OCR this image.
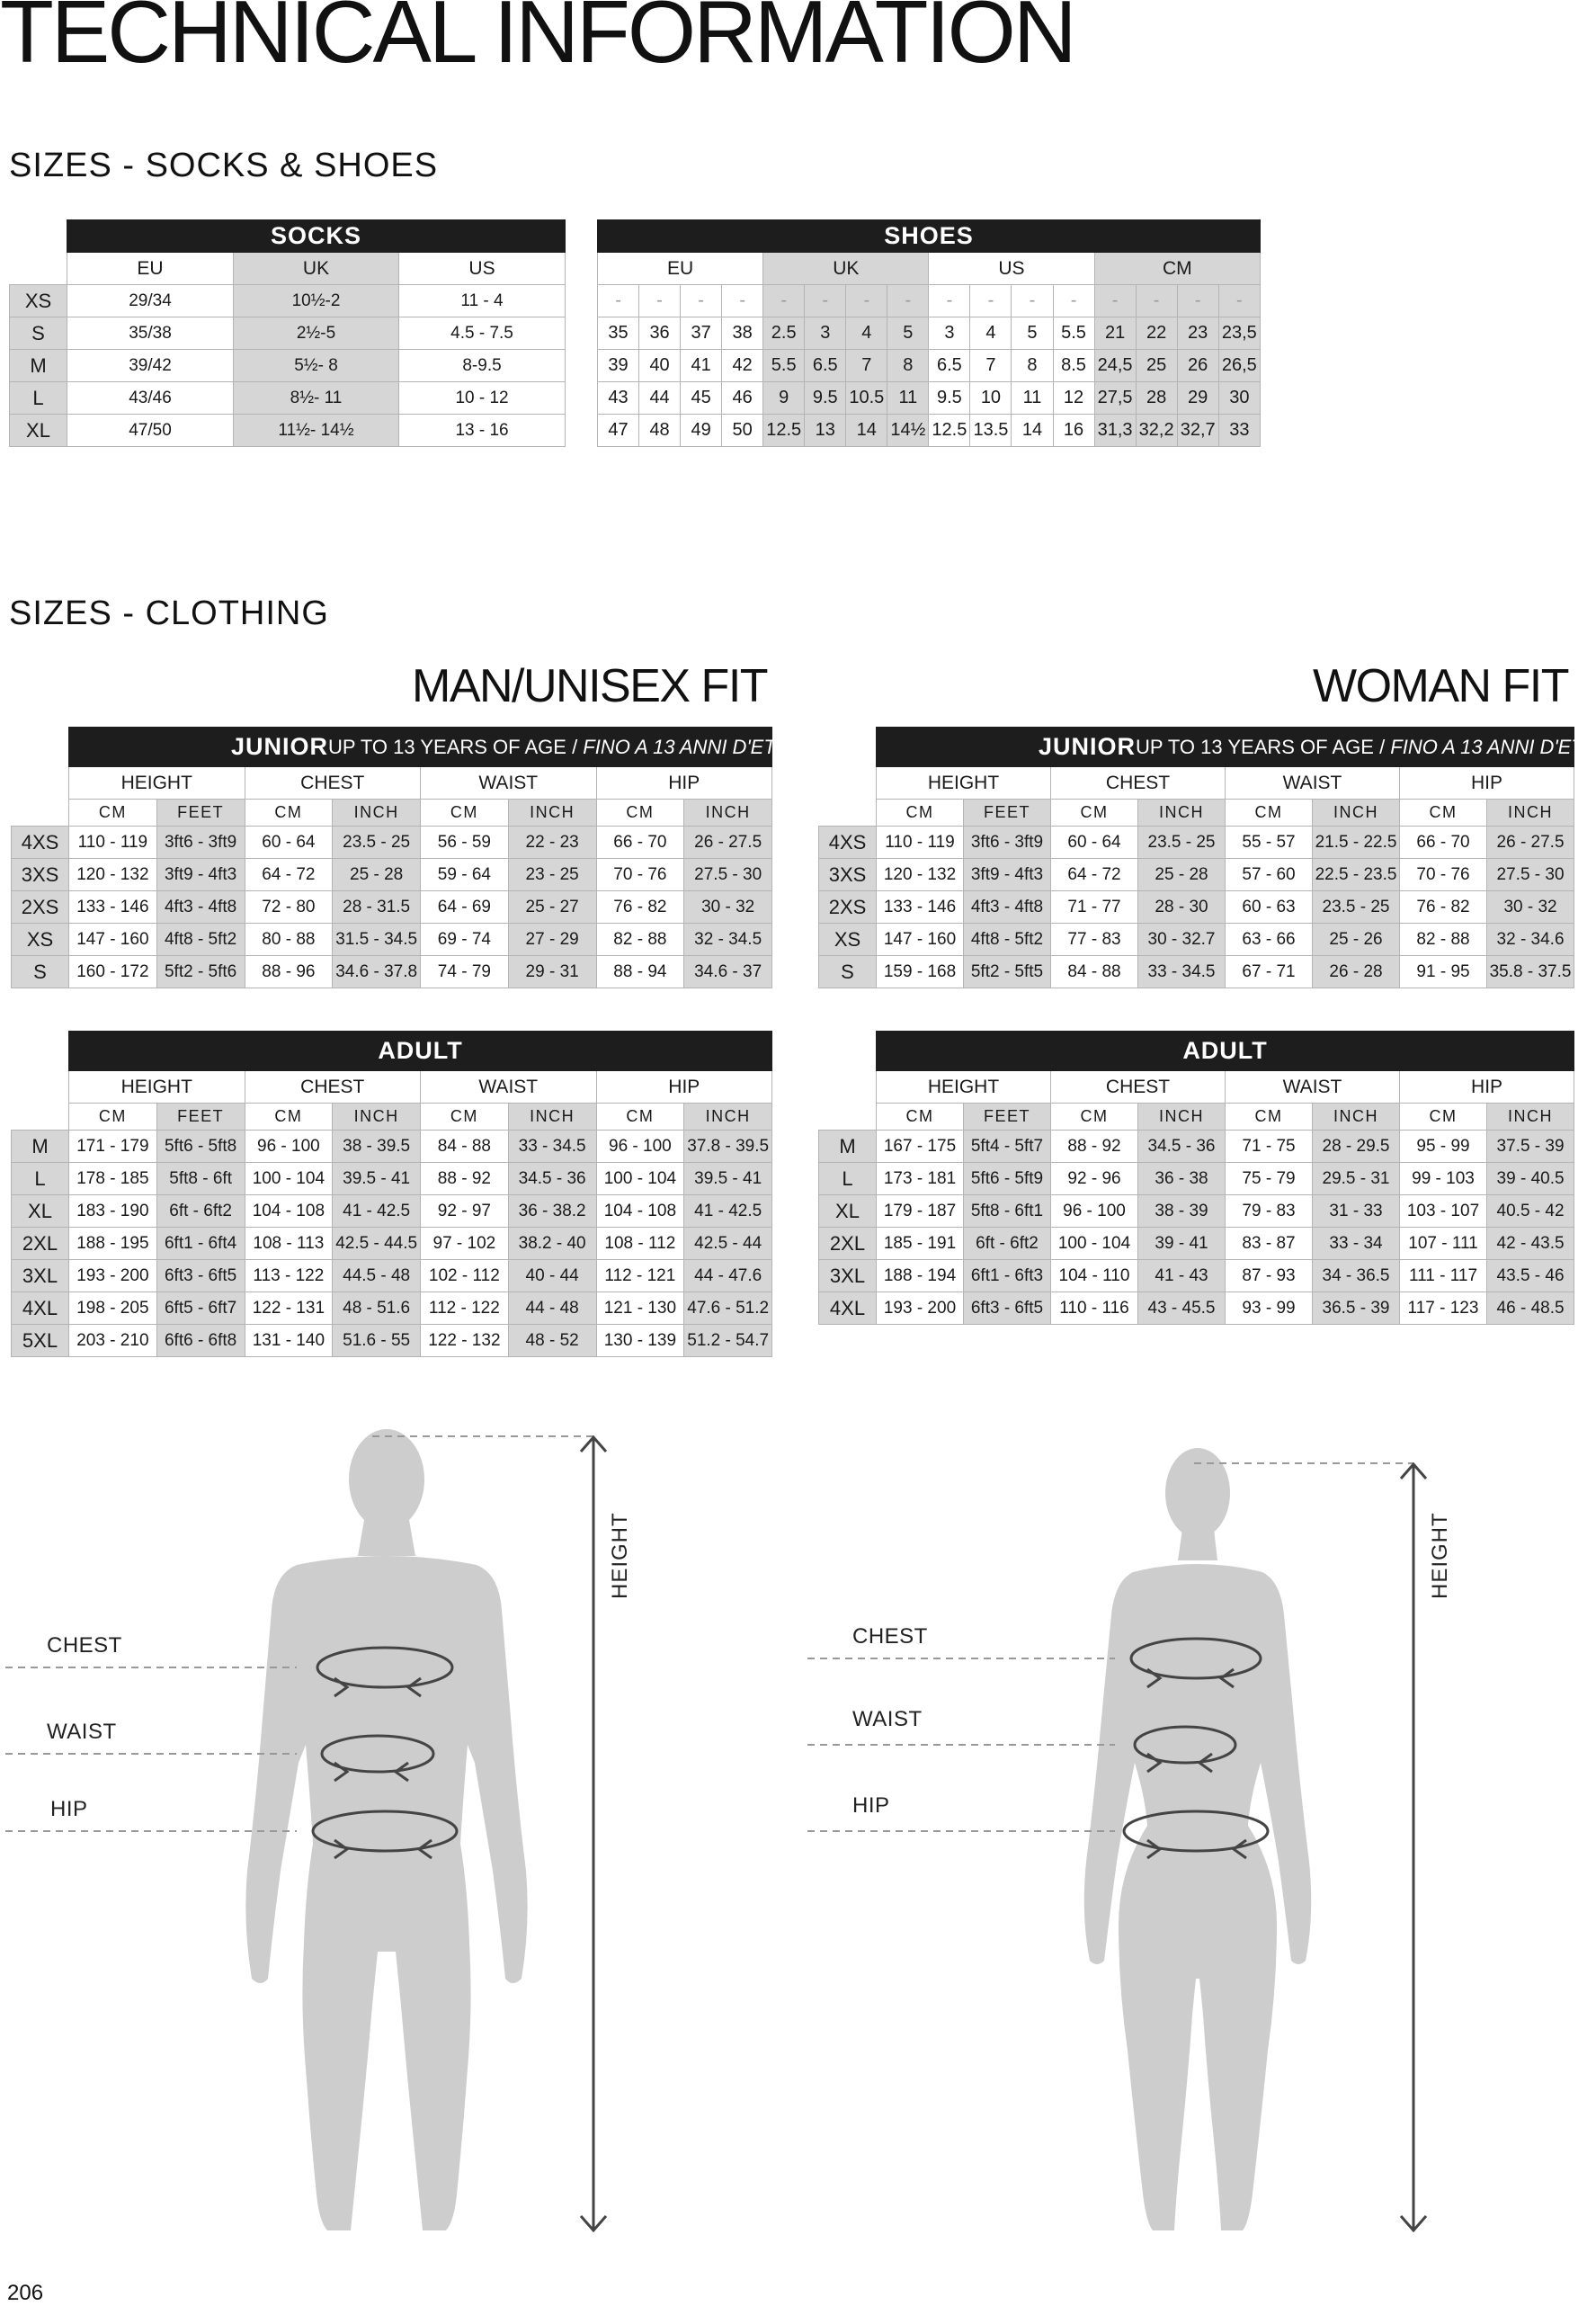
TECHNICAL INFORMATION
SIZES - SOCKS & SHOES
SIZES - CLOTHING
MAN/UNISEX FIT	WOMAN FIT
	SOCKS		
	EU	UK	US
XS	29/34	10½-2	11 - 4
S	35/38	2½-5	4.5 - 7.5
M	39/42	5½- 8	8-9.5
L	43/46	8½- 11	10 - 12
XL	47/50	11½- 14½	13 - 16
SHOES															
EU				UK				US				CM			
-	-	-	-	-	-	-	-	-	-	-	-	-	-	-	-
35	36	37	38	2.5	3	4	5	3	4	5	5.5	21	22	23	23,5
39	40	41	42	5.5	6.5	7	8	6.5	7	8	8.5	24,5	25	26	26,5
43	44	45	46	9	9.5	10.5	11	9.5	10	11	12	27,5	28	29	30
47	48	49	50	12.5	13	14	14½	12.5	13.5	14	16	31,3	32,2	32,7	33

	JUNIOR UP TO 13 YEARS OF AGE / FINO A 13 ANNI D'ETÀ							

	HEIGHT		CHEST		WAIST		HIP	
	CM	FEET	CM	INCH	CM	INCH	CM	INCH
4XS	110 - 119	3ft6 - 3ft9	60 - 64	23.5 - 25	56 - 59	22 - 23	66 - 70	26 - 27.5
3XS	120 - 132	3ft9 - 4ft3	64 - 72	25 - 28	59 - 64	23 - 25	70 - 76	27.5 - 30
2XS	133 - 146	4ft3 - 4ft8	72 - 80	28 - 31.5	64 - 69	25 - 27	76 - 82	30 - 32
XS	147 - 160	4ft8 - 5ft2	80 - 88	31.5 - 34.5	69 - 74	27 - 29	82 - 88	32 - 34.5
S	160 - 172	5ft2 - 5ft6	88 - 96	34.6 - 37.8	74 - 79	29 - 31	88 - 94	34.6 - 37
	ADULT							
	HEIGHT		CHEST		WAIST		HIP	
	CM	FEET	CM	INCH	CM	INCH	CM	INCH
M	171 - 179	5ft6 - 5ft8	96 - 100	38 - 39.5	84 - 88	33 - 34.5	96 - 100	37.8 - 39.5
L	178 - 185	5ft8 - 6ft	100 - 104	39.5 - 41	88 - 92	34.5 - 36	100 - 104	39.5 - 41
XL	183 - 190	6ft - 6ft2	104 - 108	41 - 42.5	92 - 97	36 - 38.2	104 - 108	41 - 42.5
2XL	188 - 195	6ft1 - 6ft4	108 - 113	42.5 - 44.5	97 - 102	38.2 - 40	108 - 112	42.5 - 44
3XL	193 - 200	6ft3 - 6ft5	113 - 122	44.5 - 48	102 - 112	40 - 44	112 - 121	44 - 47.6
4XL	198 - 205	6ft5 - 6ft7	122 - 131	48 - 51.6	112 - 122	44 - 48	121 - 130	47.6 - 51.2
5XL	203 - 210	6ft6 - 6ft8	131 - 140	51.6 - 55	122 - 132	48 - 52	130 - 139	51.2 - 54.7

	JUNIOR UP TO 13 YEARS OF AGE / FINO A 13 ANNI D'ETÀ							

	HEIGHT		CHEST		WAIST		HIP	
	CM	FEET	CM	INCH	CM	INCH	CM	INCH
4XS	110 - 119	3ft6 - 3ft9	60 - 64	23.5 - 25	55 - 57	21.5 - 22.5	66 - 70	26 - 27.5
3XS	120 - 132	3ft9 - 4ft3	64 - 72	25 - 28	57 - 60	22.5 - 23.5	70 - 76	27.5 - 30
2XS	133 - 146	4ft3 - 4ft8	71 - 77	28 - 30	60 - 63	23.5 - 25	76 - 82	30 - 32
XS	147 - 160	4ft8 - 5ft2	77 - 83	30 - 32.7	63 - 66	25 - 26	82 - 88	32 - 34.6
S	159 - 168	5ft2 - 5ft5	84 - 88	33 - 34.5	67 - 71	26 - 28	91 - 95	35.8 - 37.5
	ADULT							
	HEIGHT		CHEST		WAIST		HIP	
	CM	FEET	CM	INCH	CM	INCH	CM	INCH
M	167 - 175	5ft4 - 5ft7	88 - 92	34.5 - 36	71 - 75	28 - 29.5	95 - 99	37.5 - 39
L	173 - 181	5ft6 - 5ft9	92 - 96	36 - 38	75 - 79	29.5 - 31	99 - 103	39 - 40.5
XL	179 - 187	5ft8 - 6ft1	96 - 100	38 - 39	79 - 83	31 - 33	103 - 107	40.5 - 42
2XL	185 - 191	6ft - 6ft2	100 - 104	39 - 41	83 - 87	33 - 34	107 - 111	42 - 43.5
3XL	188 - 194	6ft1 - 6ft3	104 - 110	41 - 43	87 - 93	34 - 36.5	111 - 117	43.5 - 46
4XL	193 - 200	6ft3 - 6ft5	110 - 116	43 - 45.5	93 - 99	36.5 - 39	117 - 123	46 - 48.5
CHEST
WAIST
HIP
CHEST
WAIST
HIP
HEIGHT	HEIGHT
206
